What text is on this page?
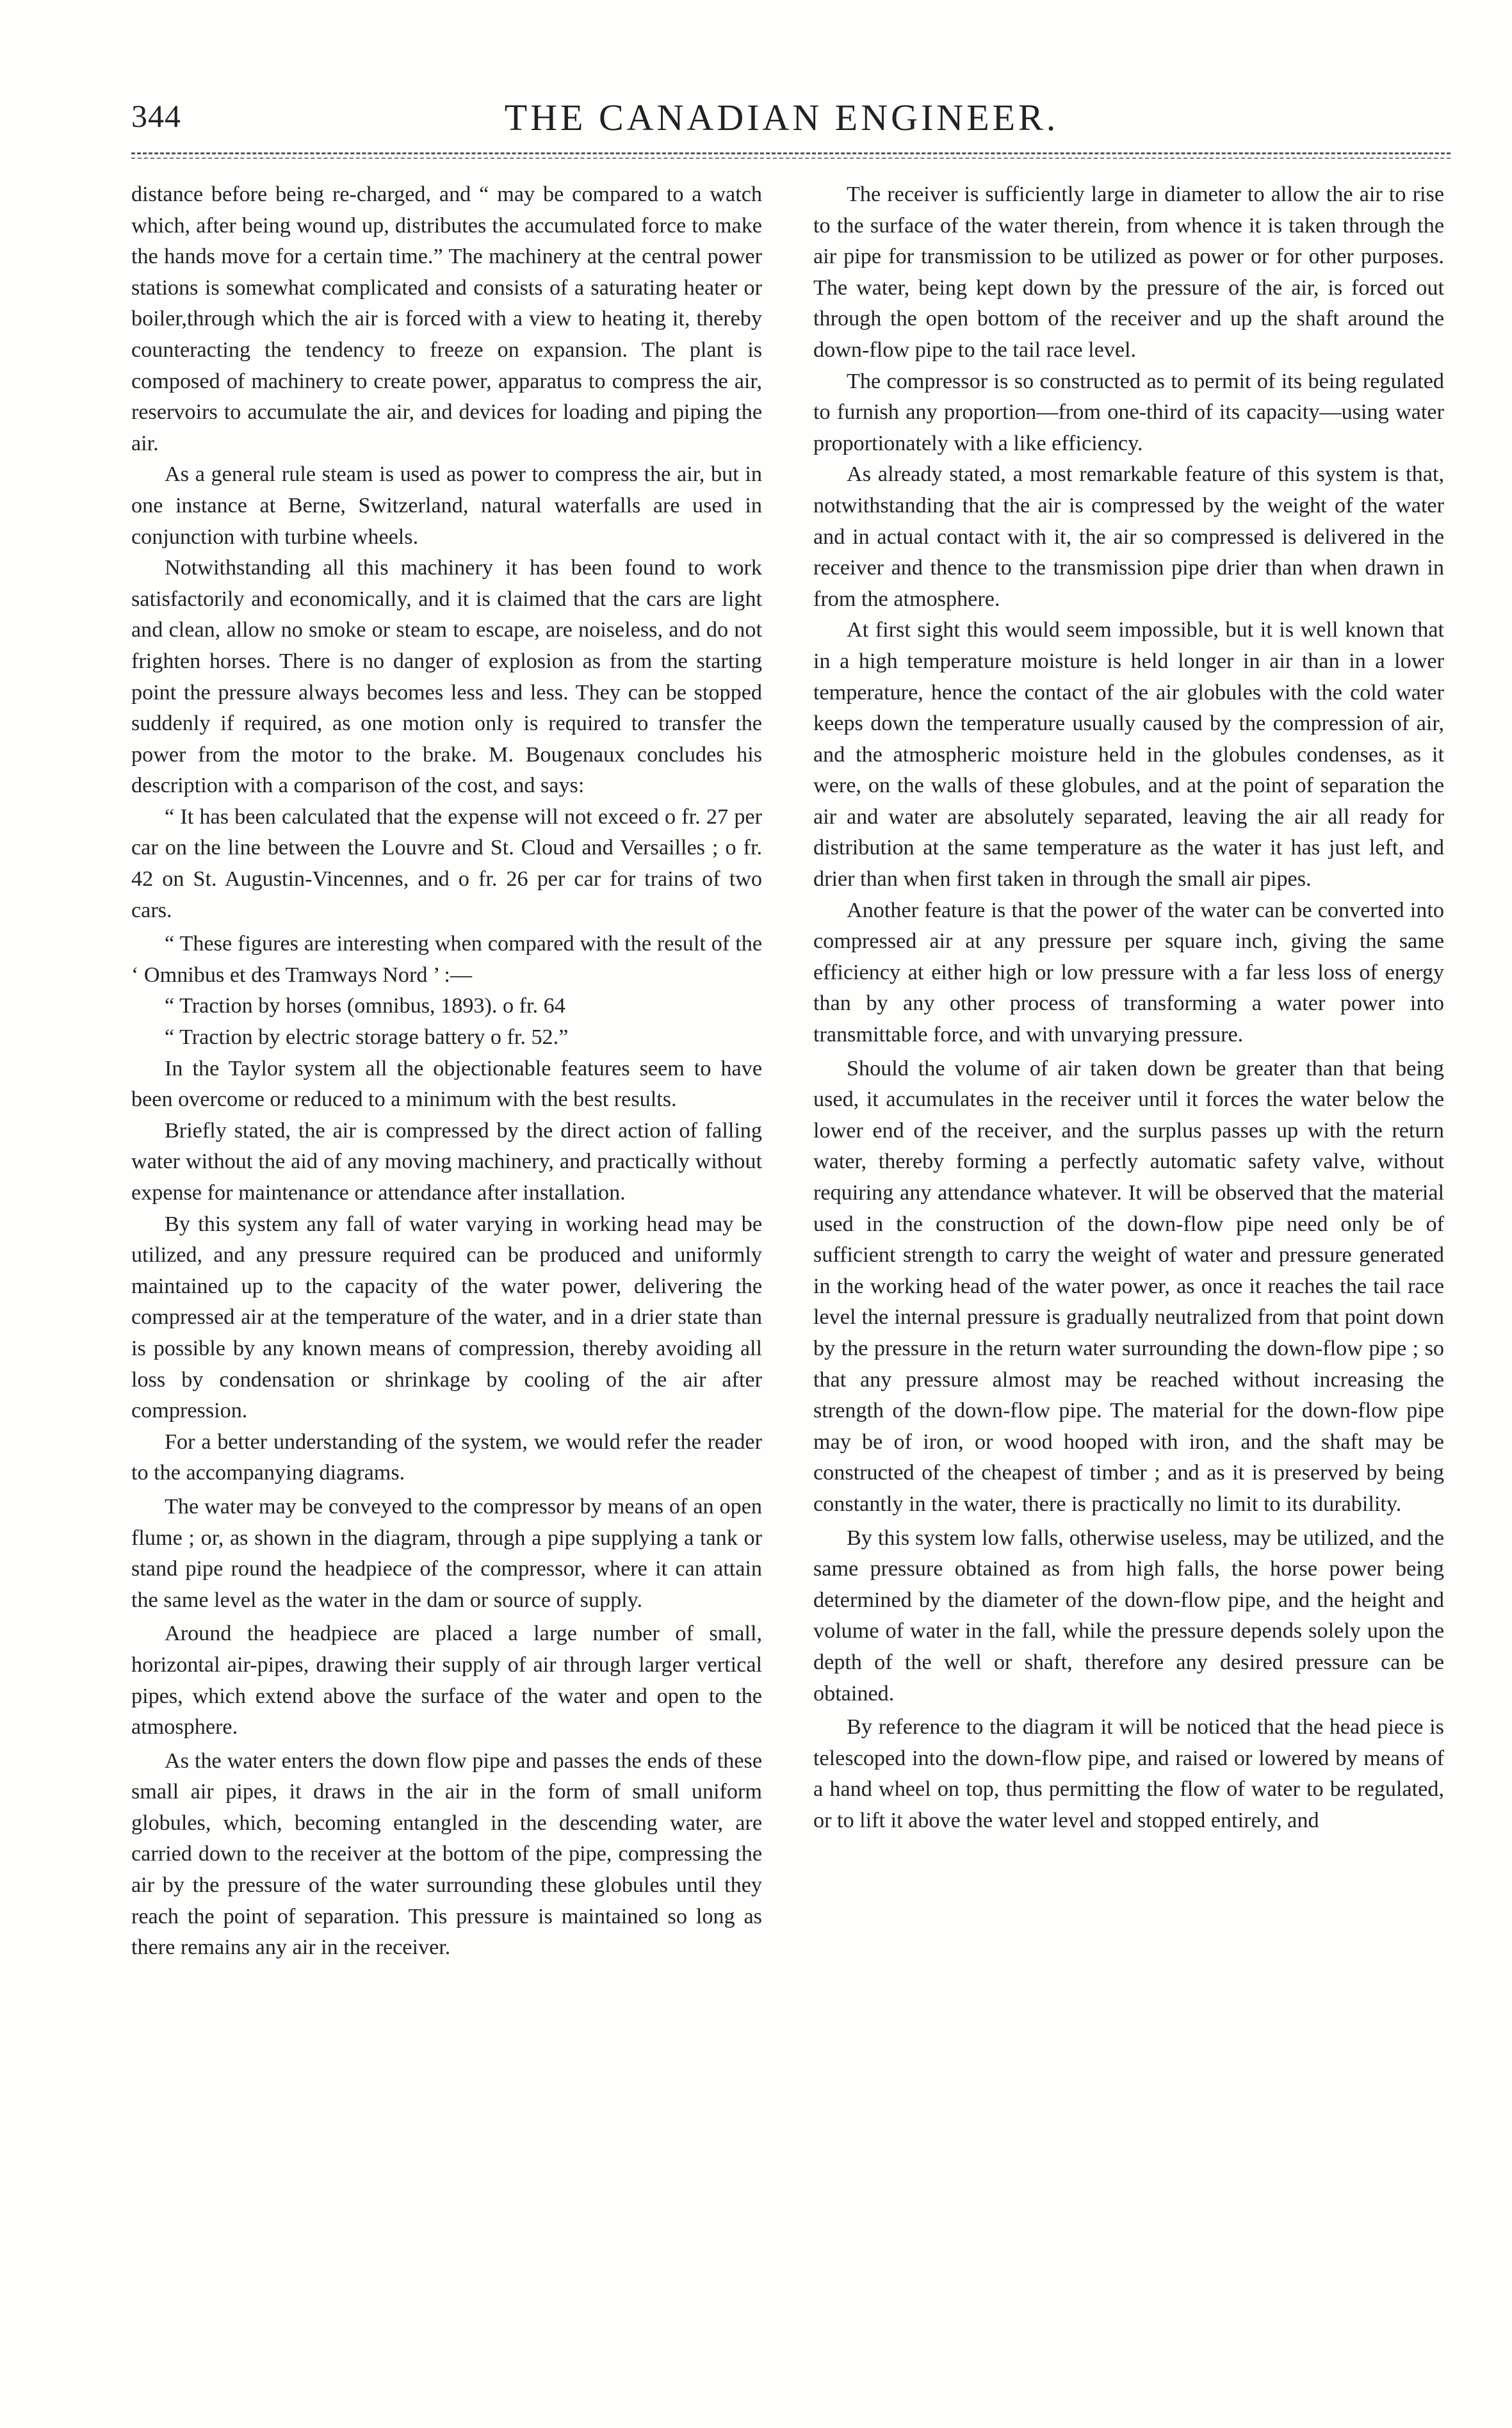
344	THE CANADIAN ENGINEER.

distance before being re-charged, and “ may be compared to a watch which, after being wound up, distributes the accumulated force to make the hands move for a certain time.” The machinery at the central power stations is somewhat complicated and consists of a saturating heater or boiler,through which the air is forced with a view to heating it, thereby counteracting the tendency to freeze on expansion. The plant is composed of machinery to create power, apparatus to compress the air, reservoirs to accumulate the air, and devices for loading and piping the air.

As a general rule steam is used as power to compress the air, but in one instance at Berne, Switzerland, natural waterfalls are used in conjunction with turbine wheels.

Notwithstanding all this machinery it has been found to work satisfactorily and economically, and it is claimed that the cars are light and clean, allow no smoke or steam to escape, are noiseless, and do not frighten horses. There is no danger of explosion as from the starting point the pressure always becomes less and less. They can be stopped suddenly if required, as one motion only is required to transfer the power from the motor to the brake. M. Bougenaux concludes his description with a comparison of the cost, and says:

“ It has been calculated that the expense will not exceed o fr. 27 per car on the line between the Louvre and St. Cloud and Versailles ; o fr. 42 on St. Augustin-Vincennes, and o fr. 26 per car for trains of two cars.

“ These figures are interesting when compared with the result of the ‘ Omnibus et des Tramways Nord ’ :—

“ Traction by horses (omnibus, 1893). o fr. 64

“ Traction by electric storage battery o fr. 52.”

In the Taylor system all the objectionable features seem to have been overcome or reduced to a minimum with the best results.

Briefly stated, the air is compressed by the direct action of falling water without the aid of any moving machinery, and practically without expense for maintenance or attendance after installation.

By this system any fall of water varying in working head may be utilized, and any pressure required can be produced and uniformly maintained up to the capacity of the water power, delivering the compressed air at the temperature of the water, and in a drier state than is possible by any known means of compression, thereby avoiding all loss by condensation or shrinkage by cooling of the air after compression.

For a better understanding of the system, we would refer the reader to the accompanying diagrams.

The water may be conveyed to the compressor by means of an open flume ; or, as shown in the diagram, through a pipe supplying a tank or stand pipe round the headpiece of the compressor, where it can attain the same level as the water in the dam or source of supply.

Around the headpiece are placed a large number of small, horizontal air-pipes, drawing their supply of air through larger vertical pipes, which extend above the surface of the water and open to the atmosphere.

As the water enters the down flow pipe and passes the ends of these small air pipes, it draws in the air in the form of small uniform globules, which, becoming entangled in the descending water, are carried down to the receiver at the bottom of the pipe, compressing the air by the pressure of the water surrounding these globules until they reach the point of separation. This pressure is maintained so long as there remains any air in the receiver.

The receiver is sufficiently large in diameter to allow the air to rise to the surface of the water therein, from whence it is taken through the air pipe for transmission to be utilized as power or for other purposes. The water, being kept down by the pressure of the air, is forced out through the open bottom of the receiver and up the shaft around the down-flow pipe to the tail race level.

The compressor is so constructed as to permit of its being regulated to furnish any proportion—from one-third of its capacity—using water proportionately with a like efficiency.

As already stated, a most remarkable feature of this system is that, notwithstanding that the air is compressed by the weight of the water and in actual contact with it, the air so compressed is delivered in the receiver and thence to the transmission pipe drier than when drawn in from the atmosphere.

At first sight this would seem impossible, but it is well known that in a high temperature moisture is held longer in air than in a lower temperature, hence the contact of the air globules with the cold water keeps down the temperature usually caused by the compression of air, and the atmospheric moisture held in the globules condenses, as it were, on the walls of these globules, and at the point of separation the air and water are absolutely separated, leaving the air all ready for distribution at the same temperature as the water it has just left, and drier than when first taken in through the small air pipes.

Another feature is that the power of the water can be converted into compressed air at any pressure per square inch, giving the same efficiency at either high or low pressure with a far less loss of energy than by any other process of transforming a water power into transmittable force, and with unvarying pressure.

Should the volume of air taken down be greater than that being used, it accumulates in the receiver until it forces the water below the lower end of the receiver, and the surplus passes up with the return water, thereby forming a perfectly automatic safety valve, without requiring any attendance whatever. It will be observed that the material used in the construction of the down-flow pipe need only be of sufficient strength to carry the weight of water and pressure generated in the working head of the water power, as once it reaches the tail race level the internal pressure is gradually neutralized from that point down by the pressure in the return water surrounding the down-flow pipe ; so that any pressure almost may be reached without increasing the strength of the down-flow pipe. The material for the down-flow pipe may be of iron, or wood hooped with iron, and the shaft may be constructed of the cheapest of timber ; and as it is preserved by being constantly in the water, there is practically no limit to its durability.

By this system low falls, otherwise useless, may be utilized, and the same pressure obtained as from high falls, the horse power being determined by the diameter of the down-flow pipe, and the height and volume of water in the fall, while the pressure depends solely upon the depth of the well or shaft, therefore any desired pressure can be obtained.

By reference to the diagram it will be noticed that the head piece is telescoped into the down-flow pipe, and raised or lowered by means of a hand wheel on top, thus permitting the flow of water to be regulated, or to lift it above the water level and stopped entirely, and
